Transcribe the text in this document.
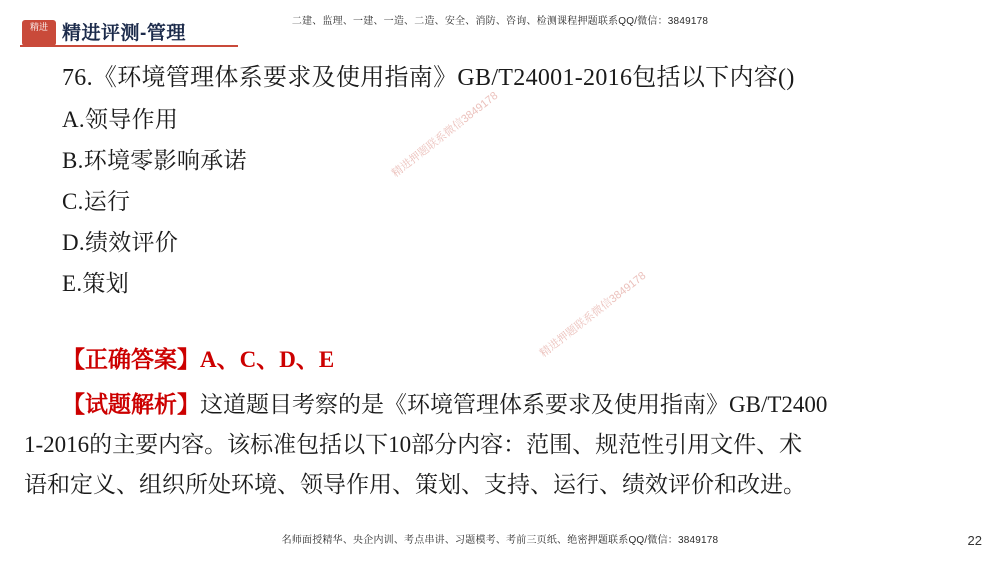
精进 精进评测-管理
二建、监理、一建、一造、二造、安全、消防、咨询、检测课程押题联系QQ/微信：3849178

76.《环境管理体系要求及使用指南》GB/T24001-2016包括以下内容()

A.领导作用

B.环境零影响承诺

C.运行

D.绩效评价

E.策划

【正确答案】A、C、D、E

【试题解析】这道题目考察的是《环境管理体系要求及使用指南》GB/T2400

1-2016的主要内容。该标准包括以下10部分内容：范围、规范性引用文件、术

语和定义、组织所处环境、领导作用、策划、支持、运行、绩效评价和改进。

精进押题联系微信3849178
精进押题联系微信3849178
名师面授精华、央企内训、考点串讲、习题模考、考前三页纸、绝密押题联系QQ/微信：3849178	22
